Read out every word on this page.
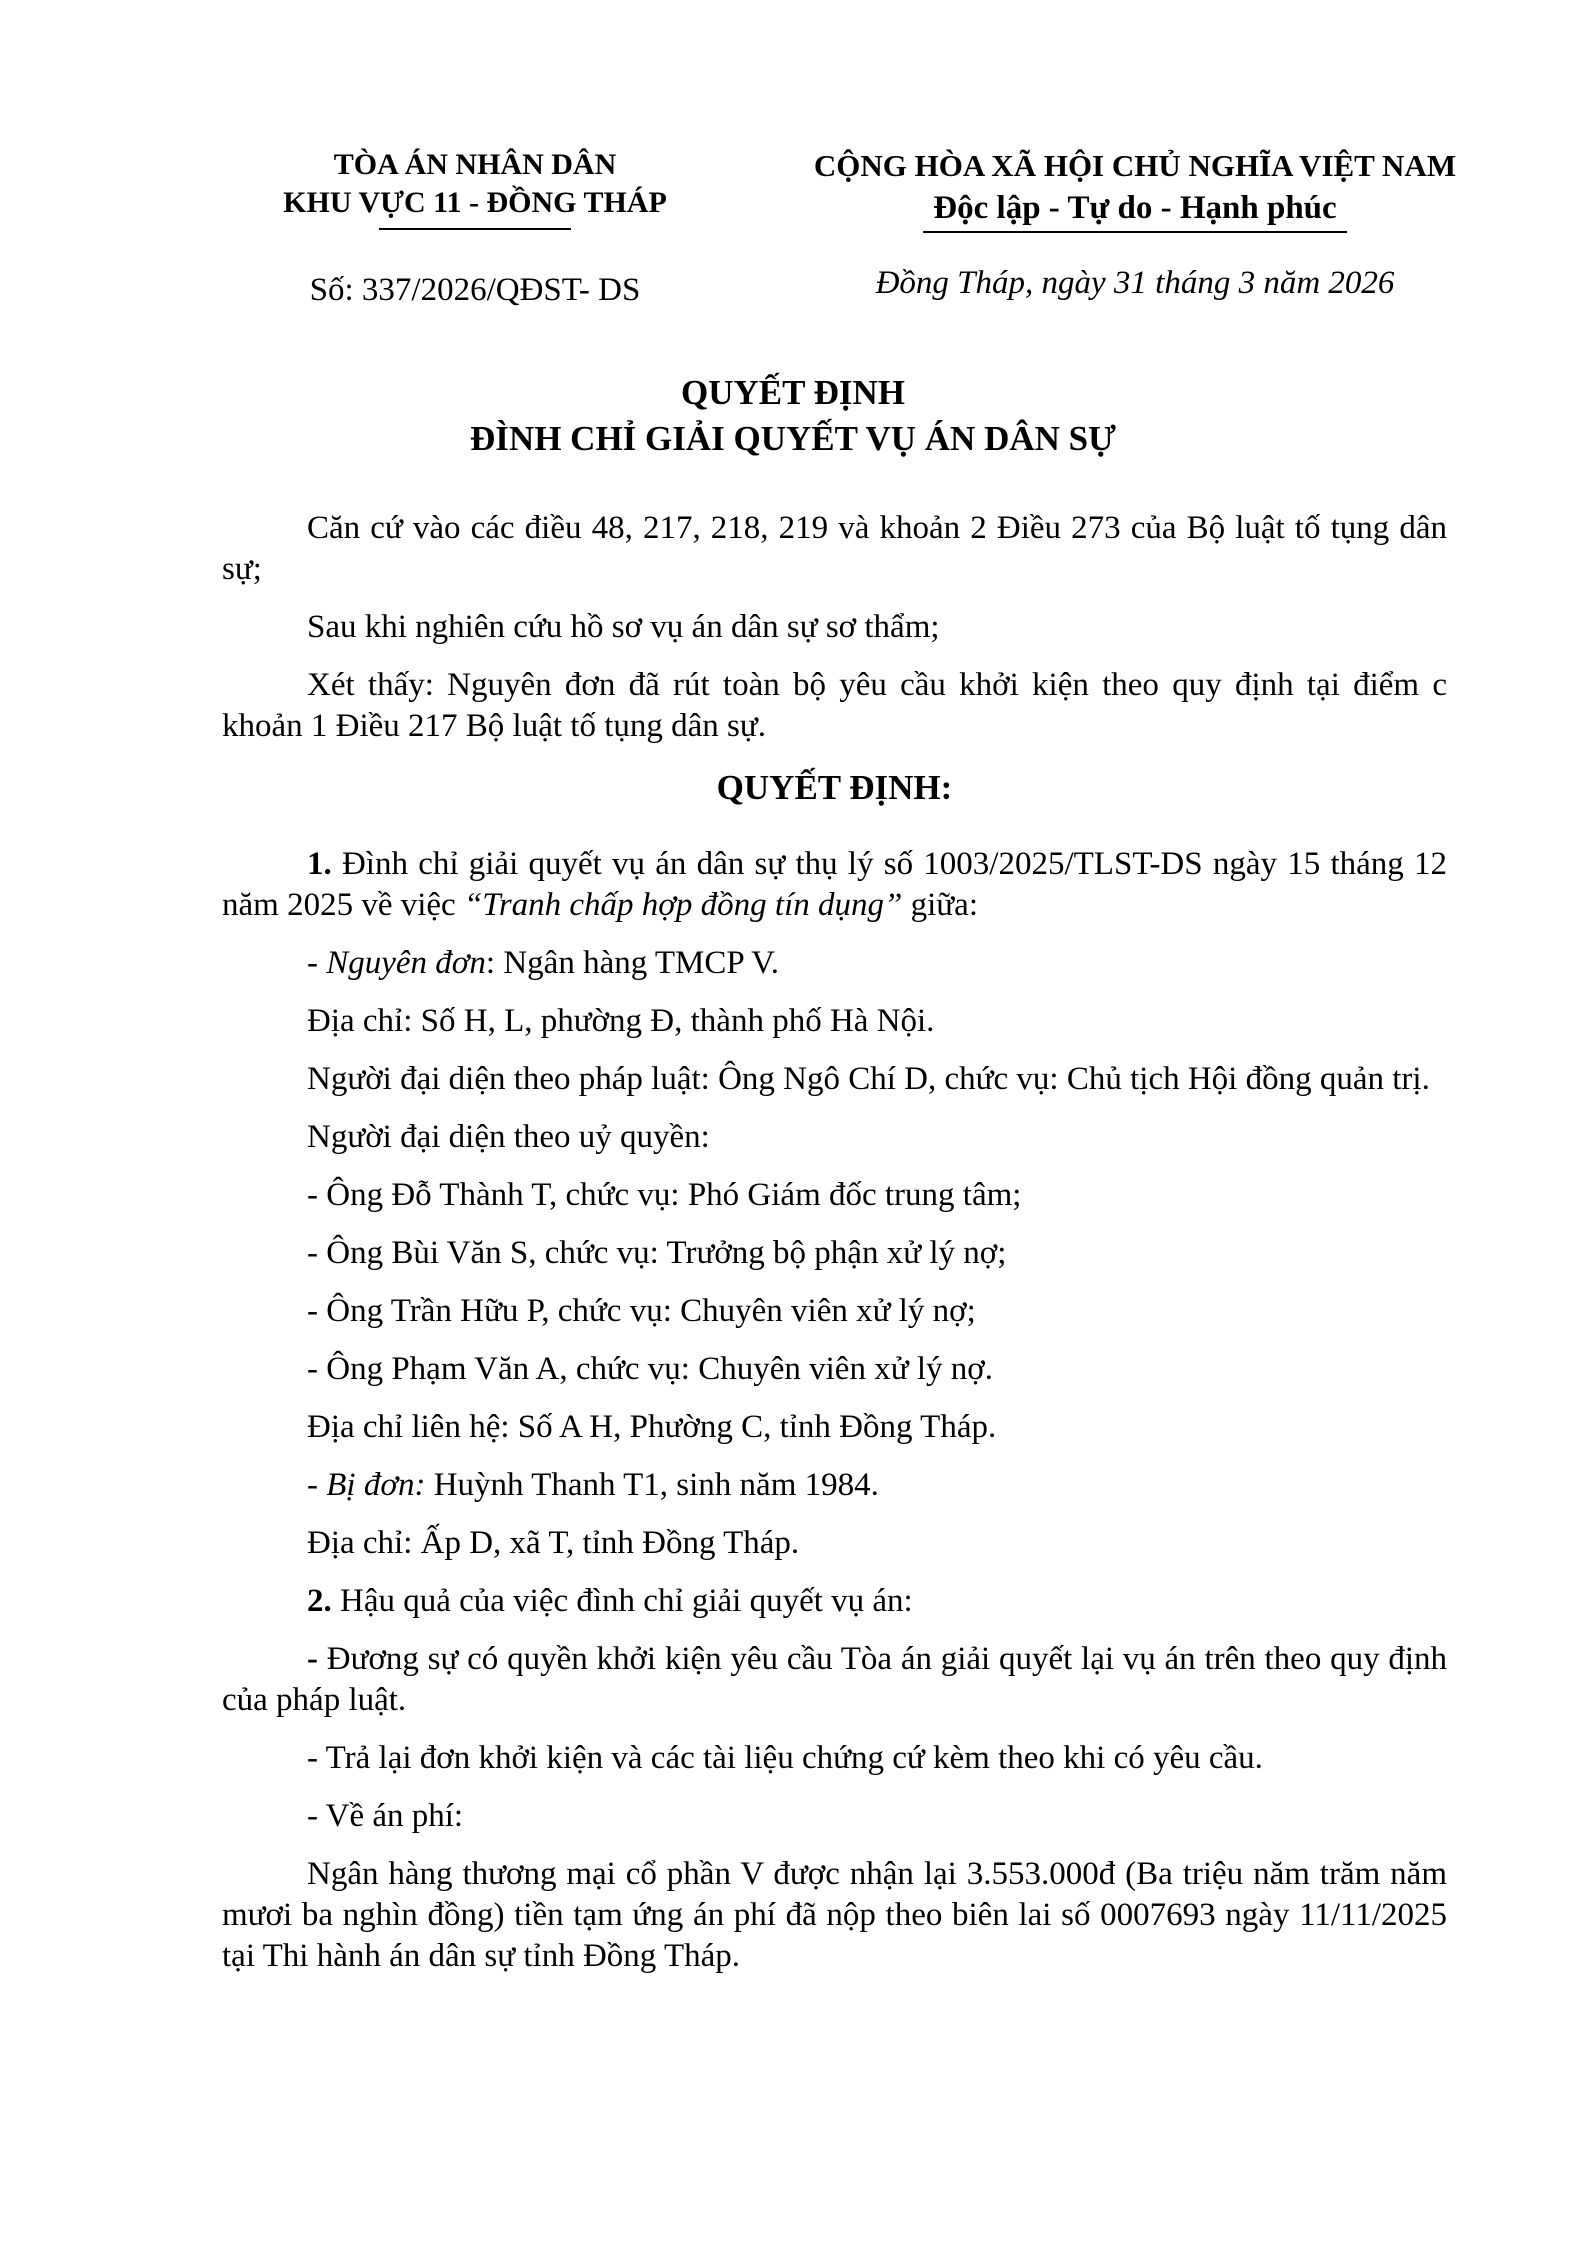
TÒA ÁN NHÂN DÂN
KHU VỰC 11 - ĐỒNG THÁP
Số: 337/2026/QĐST- DS
CỘNG HÒA XÃ HỘI CHỦ NGHĨA VIỆT NAM
Độc lập - Tự do - Hạnh phúc
Đồng Tháp, ngày 31 tháng 3 năm 2026
QUYẾT ĐỊNH
ĐÌNH CHỈ GIẢI QUYẾT VỤ ÁN DÂN SỰ

Căn cứ vào các điều 48, 217, 218, 219 và khoản 2 Điều 273 của Bộ luật tố tụng dân sự;

Sau khi nghiên cứu hồ sơ vụ án dân sự sơ thẩm;

Xét thấy: Nguyên đơn đã rút toàn bộ yêu cầu khởi kiện theo quy định tại điểm c khoản 1 Điều 217 Bộ luật tố tụng dân sự.

QUYẾT ĐỊNH:

1. Đình chỉ giải quyết vụ án dân sự thụ lý số 1003/2025/TLST-DS ngày 15 tháng 12 năm 2025 về việc “Tranh chấp hợp đồng tín dụng” giữa:

- Nguyên đơn: Ngân hàng TMCP V.

Địa chỉ: Số H, L, phường Đ, thành phố Hà Nội.

Người đại diện theo pháp luật: Ông Ngô Chí D, chức vụ: Chủ tịch Hội đồng quản trị.

Người đại diện theo uỷ quyền:

- Ông Đỗ Thành T, chức vụ: Phó Giám đốc trung tâm;

- Ông Bùi Văn S, chức vụ: Trưởng bộ phận xử lý nợ;

- Ông Trần Hữu P, chức vụ: Chuyên viên xử lý nợ;

- Ông Phạm Văn A, chức vụ: Chuyên viên xử lý nợ.

Địa chỉ liên hệ: Số A H, Phường C, tỉnh Đồng Tháp.

- Bị đơn: Huỳnh Thanh T1, sinh năm 1984.

Địa chỉ: Ấp D, xã T, tỉnh Đồng Tháp.

2. Hậu quả của việc đình chỉ giải quyết vụ án:

- Đương sự có quyền khởi kiện yêu cầu Tòa án giải quyết lại vụ án trên theo quy định của pháp luật.

- Trả lại đơn khởi kiện và các tài liệu chứng cứ kèm theo khi có yêu cầu.

- Về án phí:

Ngân hàng thương mại cổ phần V được nhận lại 3.553.000đ (Ba triệu năm trăm năm mươi ba nghìn đồng) tiền tạm ứng án phí đã nộp theo biên lai số 0007693 ngày 11/11/2025 tại Thi hành án dân sự tỉnh Đồng Tháp.
